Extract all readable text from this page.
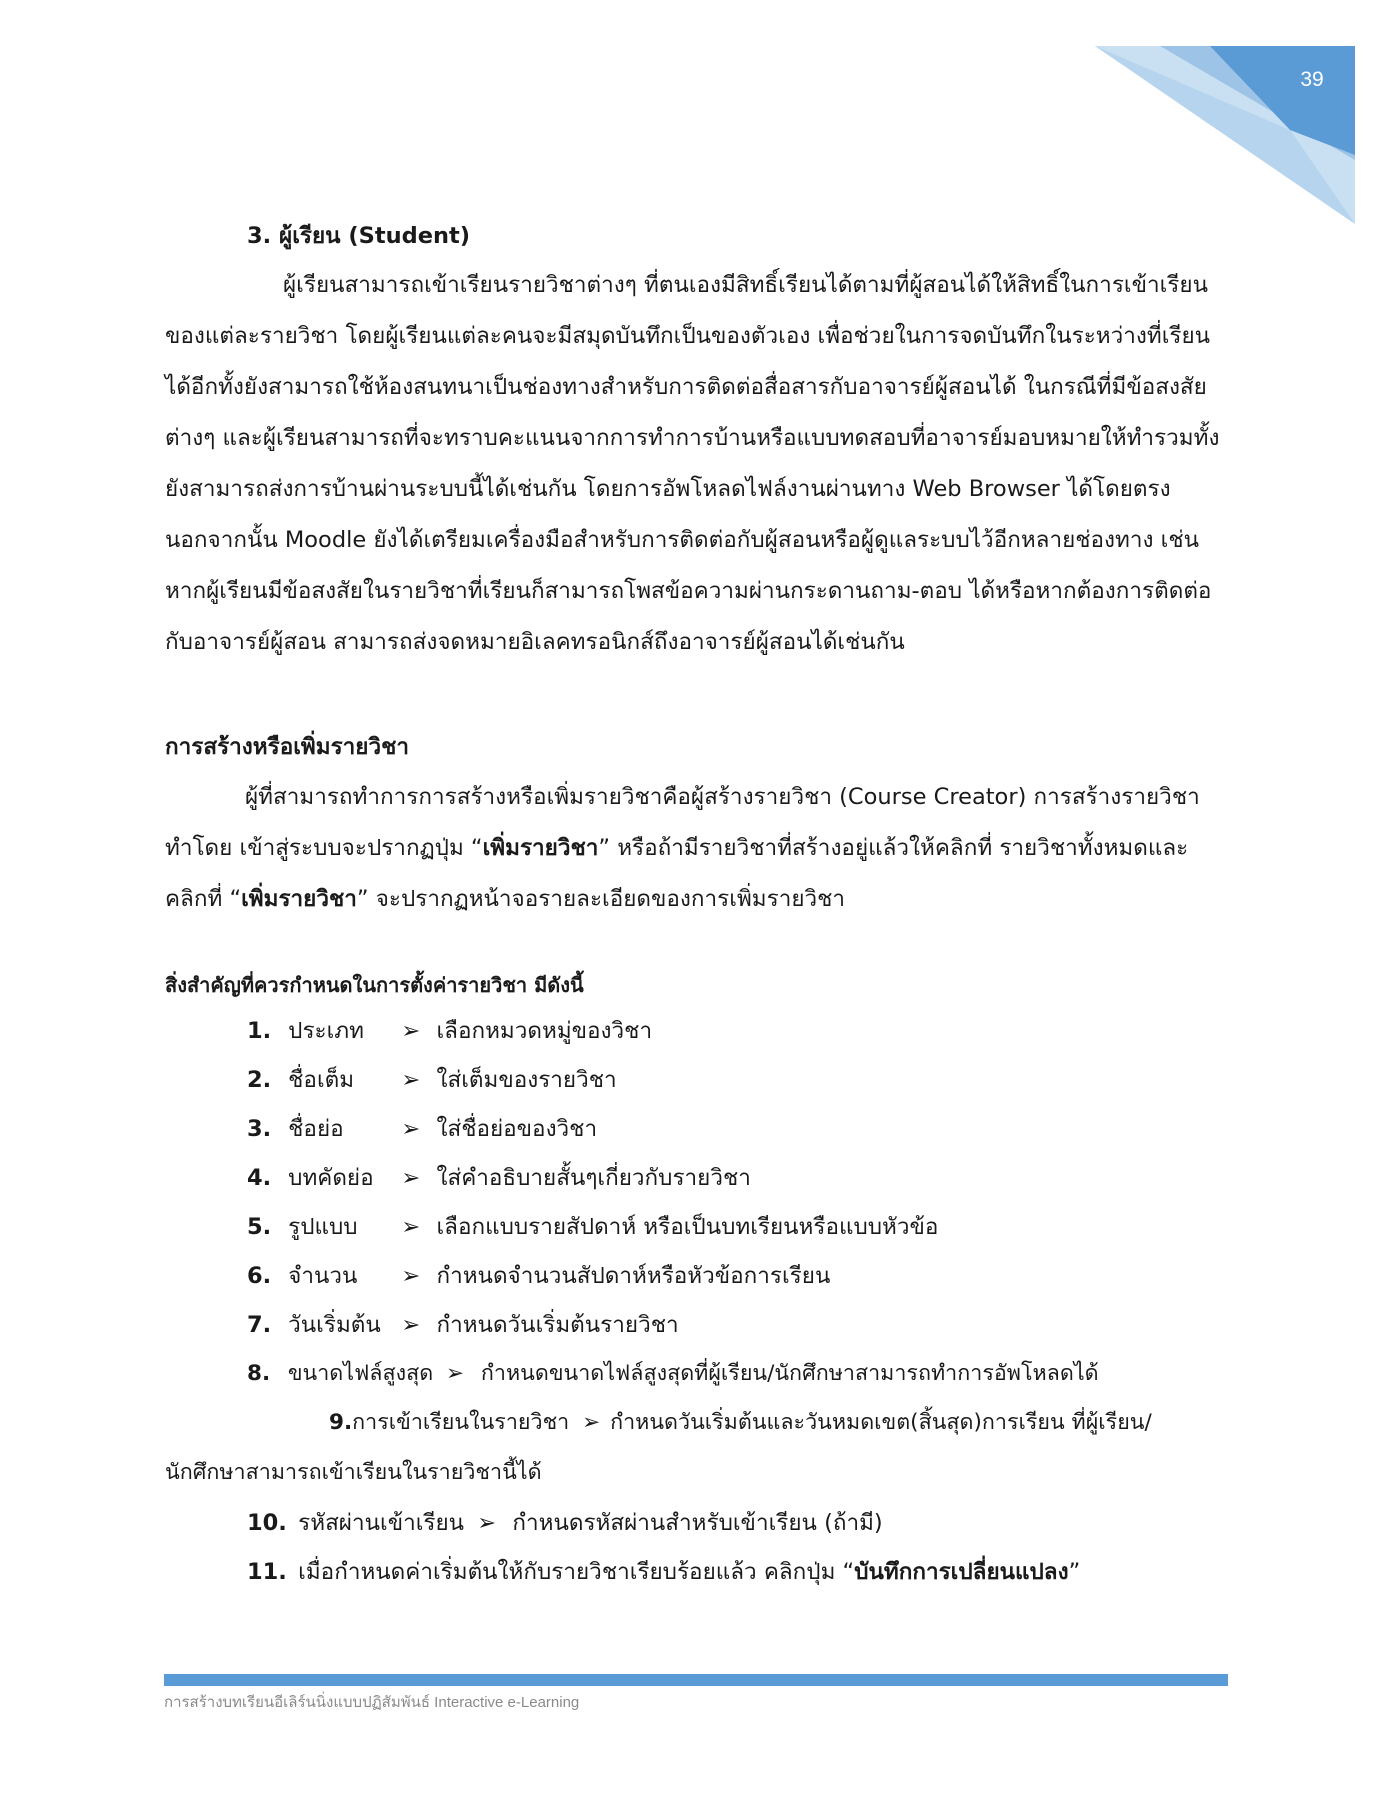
39

3. ผู้เรียน (Student)

ผู้เรียนสามารถเข้าเรียนรายวิชาต่างๆ ที่ตนเองมีสิทธิ์เรียนได้ตามที่ผู้สอนได้ให้สิทธิ์ในการเข้าเรียนของแต่ละรายวิชา โดยผู้เรียนแต่ละคนจะมีสมุดบันทึกเป็นของตัวเอง เพื่อช่วยในการจดบันทึกในระหว่างที่เรียนได้อีกทั้งยังสามารถใช้ห้องสนทนาเป็นช่องทางสำหรับการติดต่อสื่อสารกับอาจารย์ผู้สอนได้ ในกรณีที่มีข้อสงสัยต่างๆ และผู้เรียนสามารถที่จะทราบคะแนนจากการทำการบ้านหรือแบบทดสอบที่อาจารย์มอบหมายให้ทำรวมทั้งยังสามารถส่งการบ้านผ่านระบบนี้ได้เช่นกัน โดยการอัพโหลดไฟล์งานผ่านทาง Web Browser ได้โดยตรง นอกจากนั้น Moodle ยังได้เตรียมเครื่องมือสำหรับการติดต่อกับผู้สอนหรือผู้ดูแลระบบไว้อีกหลายช่องทาง เช่น หากผู้เรียนมีข้อสงสัยในรายวิชาที่เรียนก็สามารถโพสข้อความผ่านกระดานถาม-ตอบ ได้หรือหากต้องการติดต่อกับอาจารย์ผู้สอน สามารถส่งจดหมายอิเลคทรอนิกส์ถึงอาจารย์ผู้สอนได้เช่นกัน

การสร้างหรือเพิ่มรายวิชา

ผู้ที่สามารถทำการการสร้างหรือเพิ่มรายวิชาคือผู้สร้างรายวิชา (Course Creator) การสร้างรายวิชาทำโดย เข้าสู่ระบบจะปรากฏปุ่ม “เพิ่มรายวิชา” หรือถ้ามีรายวิชาที่สร้างอยู่แล้วให้คลิกที่ รายวิชาทั้งหมดและคลิกที่ “เพิ่มรายวิชา” จะปรากฏหน้าจอรายละเอียดของการเพิ่มรายวิชา

สิ่งสำคัญที่ควรกำหนดในการตั้งค่ารายวิชา มีดังนี้

1. ประเภท ➢ เลือกหมวดหมู่ของวิชา
2. ชื่อเต็ม ➢ ใส่เต็มของรายวิชา
3. ชื่อย่อ	➢ ใส่ชื่อย่อของวิชา
4. บทคัดย่อ ➢ ใส่คำอธิบายสั้นๆเกี่ยวกับรายวิชา
5. รูปแบบ ➢ เลือกแบบรายสัปดาห์ หรือเป็นบทเรียนหรือแบบหัวข้อ
6. จำนวน ➢ กำหนดจำนวนสัปดาห์หรือหัวข้อการเรียน
7. วันเริ่มต้น ➢ กำหนดวันเริ่มต้นรายวิชา
8. ขนาดไฟล์สูงสุด ➢ กำหนดขนาดไฟล์สูงสุดที่ผู้เรียน/นักศึกษาสามารถทำการอัพโหลดได้
9.การเข้าเรียนในรายวิชา ➢ กำหนดวันเริ่มต้นและวันหมดเขต(สิ้นสุด)การเรียน ที่ผู้เรียน/นักศึกษาสามารถเข้าเรียนในรายวิชานี้ได้
10. รหัสผ่านเข้าเรียน ➢ กำหนดรหัสผ่านสำหรับเข้าเรียน (ถ้ามี)
11. เมื่อกำหนดค่าเริ่มต้นให้กับรายวิชาเรียบร้อยแล้ว คลิกปุ่ม “บันทึกการเปลี่ยนแปลง”
การสร้างบทเรียนอีเลิร์นนิ่งแบบปฏิสัมพันธ์ Interactive e-Learning
